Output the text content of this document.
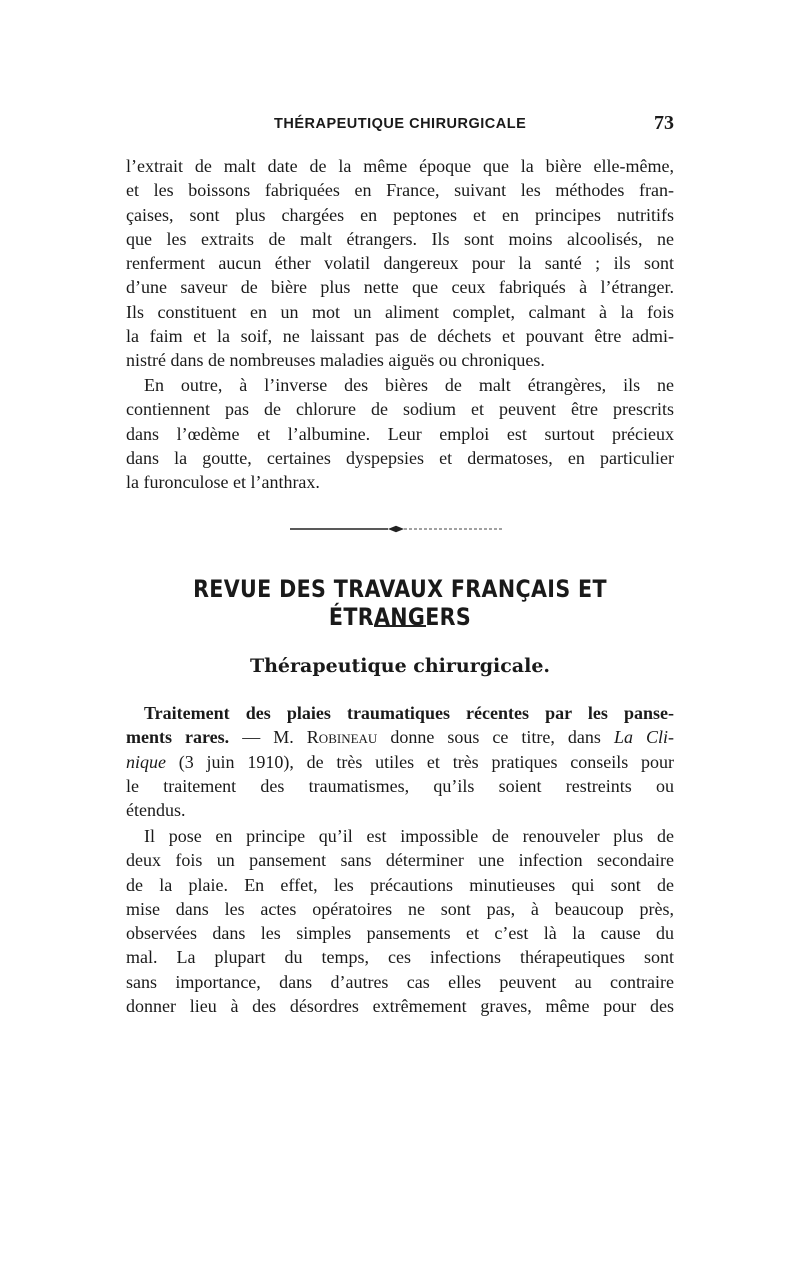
THÉRAPEUTIQUE CHIRURGICALE	73
l’extrait de malt date de la même époque que la bière elle-même,
et les boissons fabriquées en France, suivant les méthodes fran-
çaises, sont plus chargées en peptones et en principes nutritifs
que les extraits de malt étrangers. Ils sont moins alcoolisés, ne
renferment aucun éther volatil dangereux pour la santé ; ils sont
d’une saveur de bière plus nette que ceux fabriqués à l’étranger.
Ils constituent en un mot un aliment complet, calmant à la fois
la faim et la soif, ne laissant pas de déchets et pouvant être admi-
nistré dans de nombreuses maladies aiguës ou chroniques.
En outre, à l’inverse des bières de malt étrangères, ils ne
contiennent pas de chlorure de sodium et peuvent être prescrits
dans l’œdème et l’albumine. Leur emploi est surtout précieux
dans la goutte, certaines dyspepsies et dermatoses, en particulier
la furonculose et l’anthrax.
REVUE DES TRAVAUX FRANÇAIS ET ÉTRANGERS
Thérapeutique chirurgicale.
Traitement des plaies traumatiques récentes par les panse-
ments rares. — M. Robineau donne sous ce titre, dans La Cli-
nique (3 juin 1910), de très utiles et très pratiques conseils pour
le traitement des traumatismes, qu’ils soient restreints ou
étendus.
Il pose en principe qu’il est impossible de renouveler plus de
deux fois un pansement sans déterminer une infection secondaire
de la plaie. En effet, les précautions minutieuses qui sont de
mise dans les actes opératoires ne sont pas, à beaucoup près,
observées dans les simples pansements et c’est là la cause du
mal. La plupart du temps, ces infections thérapeutiques sont
sans importance, dans d’autres cas elles peuvent au contraire
donner lieu à des désordres extrêmement graves, même pour des
